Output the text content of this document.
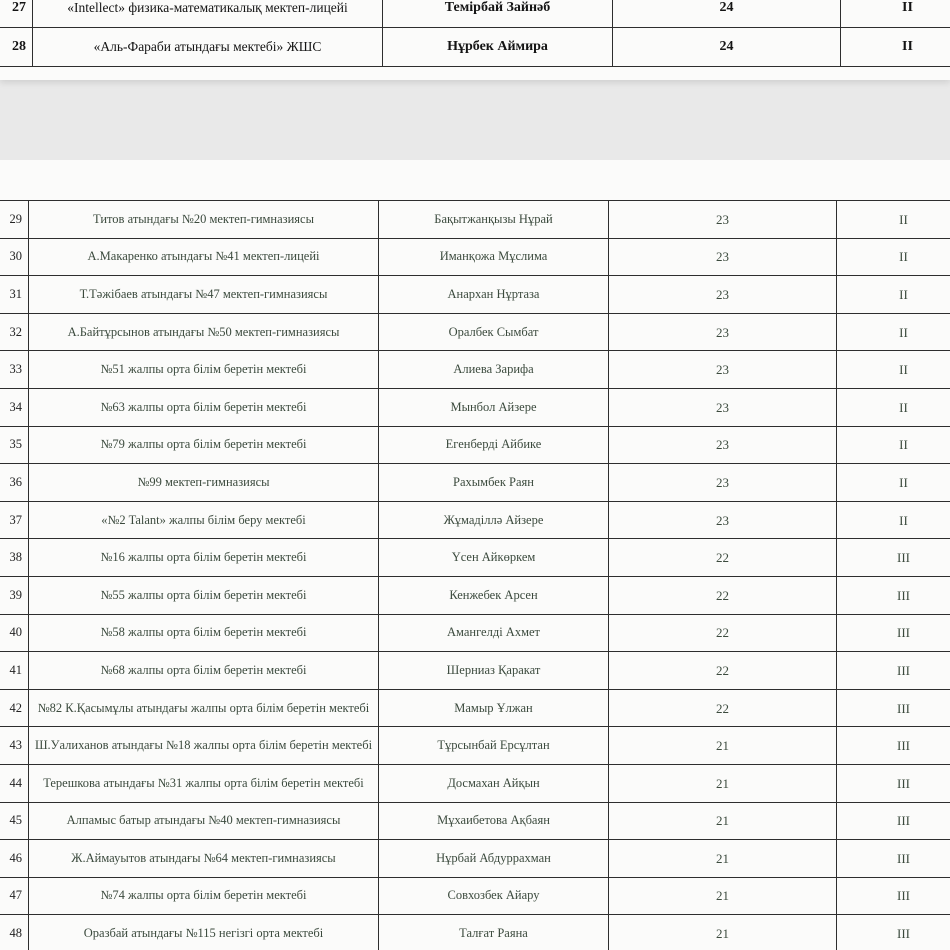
27	«Intellect» физика-математикалық мектеп-лицейі	Темірбай Зайнәб	24	II
28	«Аль-Фараби атындағы мектебі» ЖШС	Нұрбек Аймира	24	II
29	Титов атындағы №20 мектеп-гимназиясы	Бақытжанқызы Нұрай	23	II
30	А.Макаренко атындағы №41 мектеп-лицейі	Иманқожа Мұслима	23	II
31	Т.Тәжібаев атындағы №47 мектеп-гимназиясы	Анархан Нұртаза	23	II
32	А.Байтұрсынов атындағы №50 мектеп-гимназиясы	Оралбек Сымбат	23	II
33	№51 жалпы орта білім беретін мектебі	Алиева Зарифа	23	II
34	№63 жалпы орта білім беретін мектебі	Мынбол Айзере	23	II
35	№79 жалпы орта білім беретін мектебі	Егенберді Айбике	23	II
36	№99 мектеп-гимназиясы	Рахымбек Раян	23	II
37	«№2 Talant» жалпы білім беру мектебі	Жұмаділлә Айзере	23	II
38	№16 жалпы орта білім беретін мектебі	Үсен Айкөркем	22	III
39	№55 жалпы орта білім беретін мектебі	Кенжебек Арсен	22	III
40	№58 жалпы орта білім беретін мектебі	Амангелді Ахмет	22	III
41	№68 жалпы орта білім беретін мектебі	Шерниаз Қаракат	22	III
42	№82 К.Қасымұлы атындағы жалпы орта білім беретін мектебі	Мамыр Ұлжан	22	III
43	Ш.Уалиханов атындағы №18 жалпы орта білім беретін мектебі	Тұрсынбай Ерсұлтан	21	III
44	Терешкова атындағы №31 жалпы орта білім беретін мектебі	Досмахан Айқын	21	III
45	Алпамыс батыр атындағы №40 мектеп-гимназиясы	Мұхаибетова Ақбаян	21	III
46	Ж.Аймауытов атындағы №64 мектеп-гимназиясы	Нұрбай Абдуррахман	21	III
47	№74 жалпы орта білім беретін мектебі	Совхозбек Айару	21	III
48	Оразбай атындағы №115 негізгі орта мектебі	Талғат Раяна	21	III
